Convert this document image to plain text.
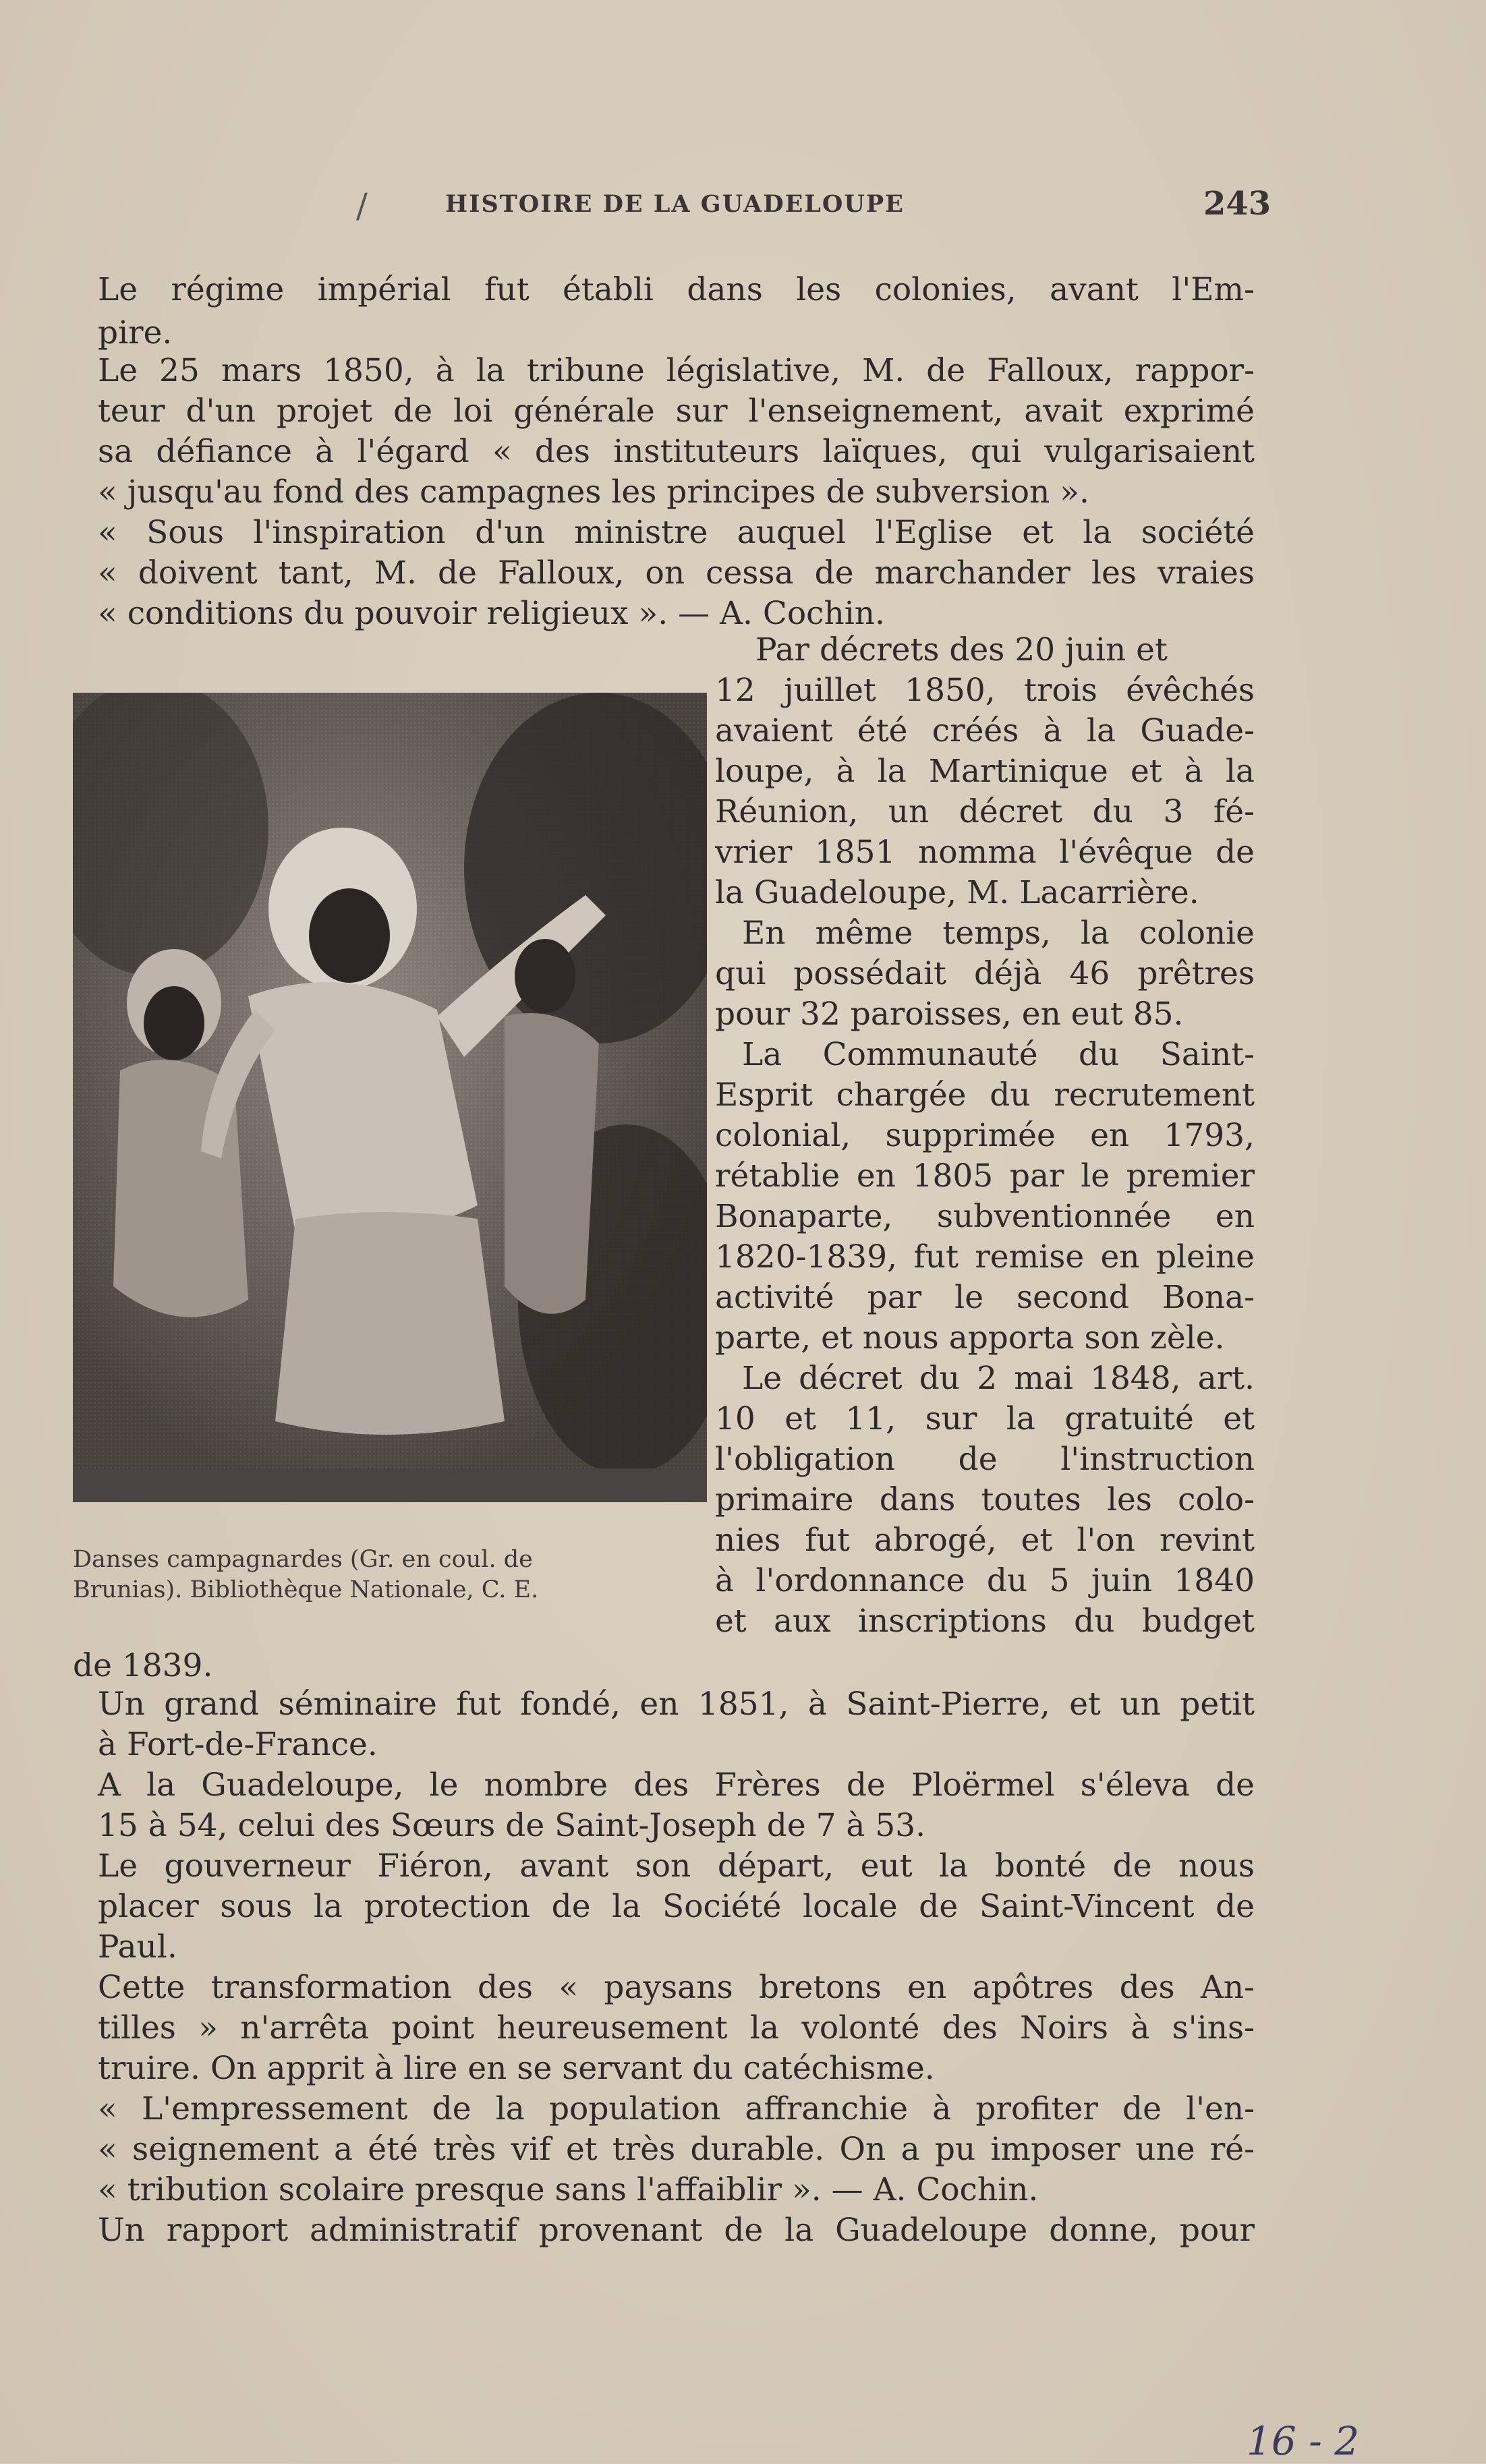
/	HISTOIRE DE LA GUADELOUPE	243
Le régime impérial fut établi dans les colonies, avant l'Em-
pire.
Le 25 mars 1850, à la tribune législative, M. de Falloux, rappor-
teur d'un projet de loi générale sur l'enseignement, avait exprimé
sa défiance à l'égard « des instituteurs laïques, qui vulgarisaient
« jusqu'au fond des campagnes les principes de subversion ».
« Sous l'inspiration d'un ministre auquel l'Eglise et la société
« doivent tant, M. de Falloux, on cessa de marchander les vraies
« conditions du pouvoir religieux ». — A. Cochin.
Par décrets des 20 juin et
12 juillet 1850, trois évêchés
avaient été créés à la Guade-
loupe, à la Martinique et à la
Réunion, un décret du 3 fé-
vrier 1851 nomma l'évêque de
la Guadeloupe, M. Lacarrière.
En même temps, la colonie
qui possédait déjà 46 prêtres
pour 32 paroisses, en eut 85.
La Communauté du Saint-
Esprit chargée du recrutement
colonial, supprimée en 1793,
rétablie en 1805 par le premier
Bonaparte, subventionnée en
1820-1839, fut remise en pleine
activité par le second Bona-
parte, et nous apporta son zèle.
Le décret du 2 mai 1848, art.
10 et 11, sur la gratuité et
l'obligation de l'instruction
primaire dans toutes les colo-
nies fut abrogé, et l'on revint
à l'ordonnance du 5 juin 1840
et aux inscriptions du budget
Danses campagnardes (Gr. en coul. de
Brunias). Bibliothèque Nationale, C. E.
de 1839.
Un grand séminaire fut fondé, en 1851, à Saint-Pierre, et un petit
à Fort-de-France.
A la Guadeloupe, le nombre des Frères de Ploërmel s'éleva de
15 à 54, celui des Sœurs de Saint-Joseph de 7 à 53.
Le gouverneur Fiéron, avant son départ, eut la bonté de nous
placer sous la protection de la Société locale de Saint-Vincent de
Paul.
Cette transformation des « paysans bretons en apôtres des An-
tilles » n'arrêta point heureusement la volonté des Noirs à s'ins-
truire. On apprit à lire en se servant du catéchisme.
« L'empressement de la population affranchie à profiter de l'en-
« seignement a été très vif et très durable. On a pu imposer une ré-
« tribution scolaire presque sans l'affaiblir ». — A. Cochin.
Un rapport administratif provenant de la Guadeloupe donne, pour
16 - 2
